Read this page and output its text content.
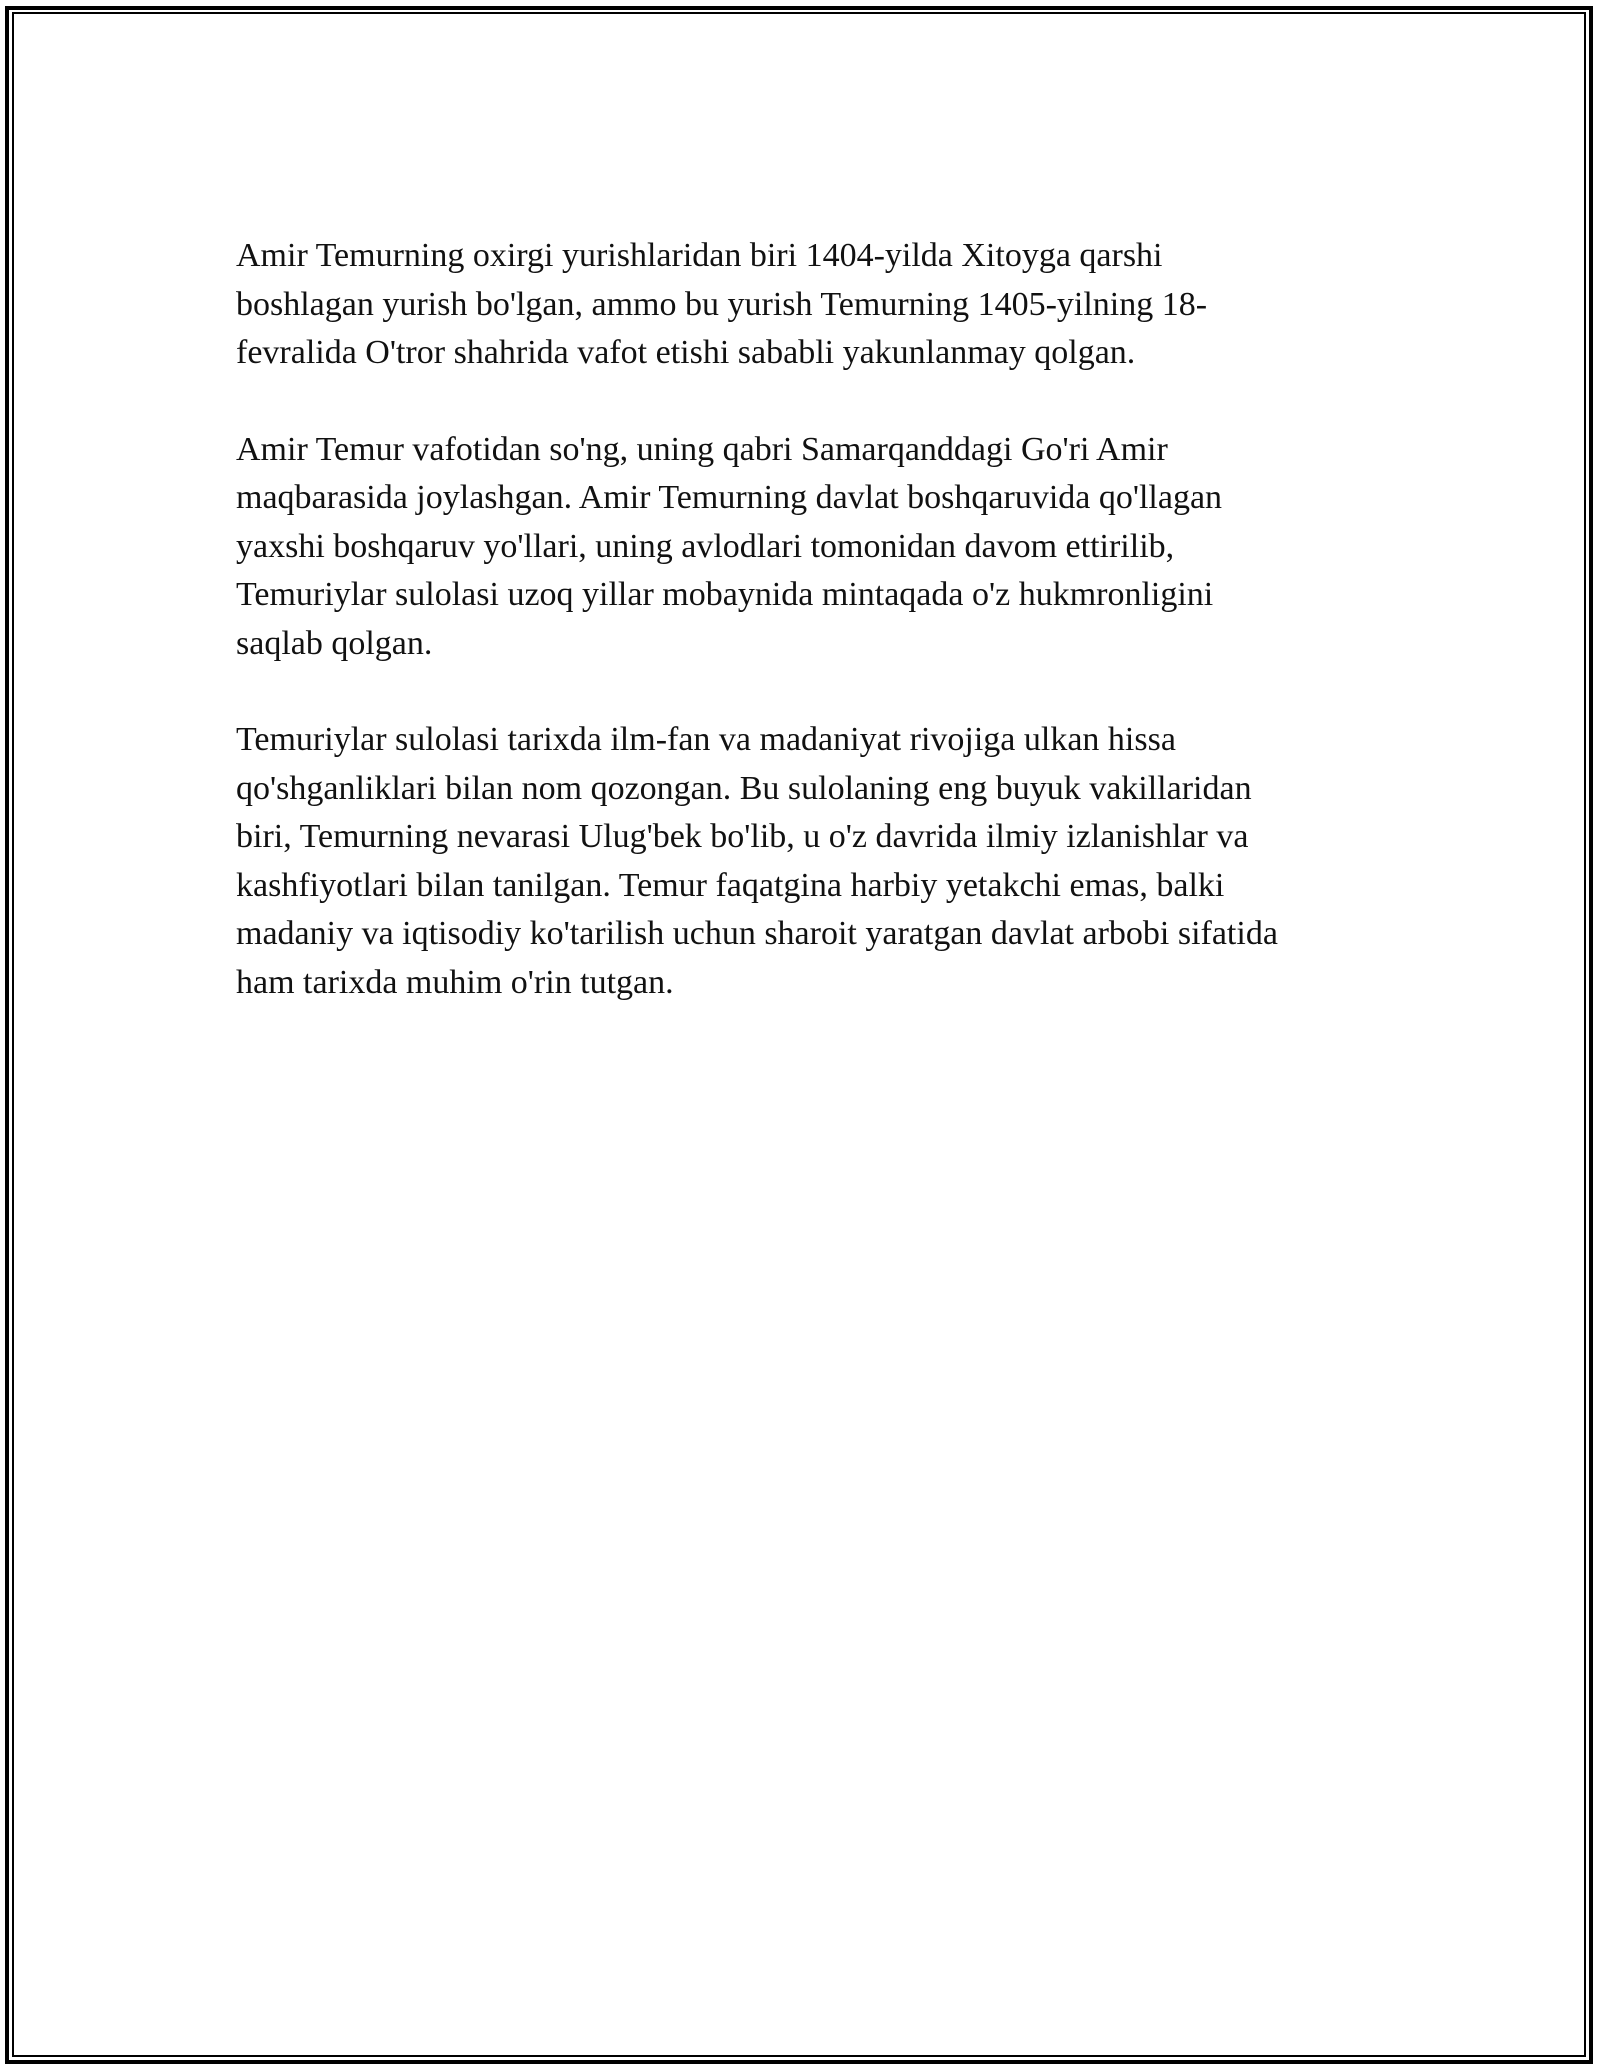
Amir Temurning oxirgi yurishlaridan biri 1404-yilda Xitoyga qarshi
boshlagan yurish bo'lgan, ammo bu yurish Temurning 1405-yilning 18-
fevralida O'tror shahrida vafot etishi sababli yakunlanmay qolgan.

Amir Temur vafotidan so'ng, uning qabri Samarqanddagi Go'ri Amir
maqbarasida joylashgan. Amir Temurning davlat boshqaruvida qo'llagan
yaxshi boshqaruv yo'llari, uning avlodlari tomonidan davom ettirilib,
Temuriylar sulolasi uzoq yillar mobaynida mintaqada o'z hukmronligini
saqlab qolgan.

Temuriylar sulolasi tarixda ilm-fan va madaniyat rivojiga ulkan hissa
qo'shganliklari bilan nom qozongan. Bu sulolaning eng buyuk vakillaridan
biri, Temurning nevarasi Ulug'bek bo'lib, u o'z davrida ilmiy izlanishlar va
kashfiyotlari bilan tanilgan. Temur faqatgina harbiy yetakchi emas, balki
madaniy va iqtisodiy ko'tarilish uchun sharoit yaratgan davlat arbobi sifatida
ham tarixda muhim o'rin tutgan.
